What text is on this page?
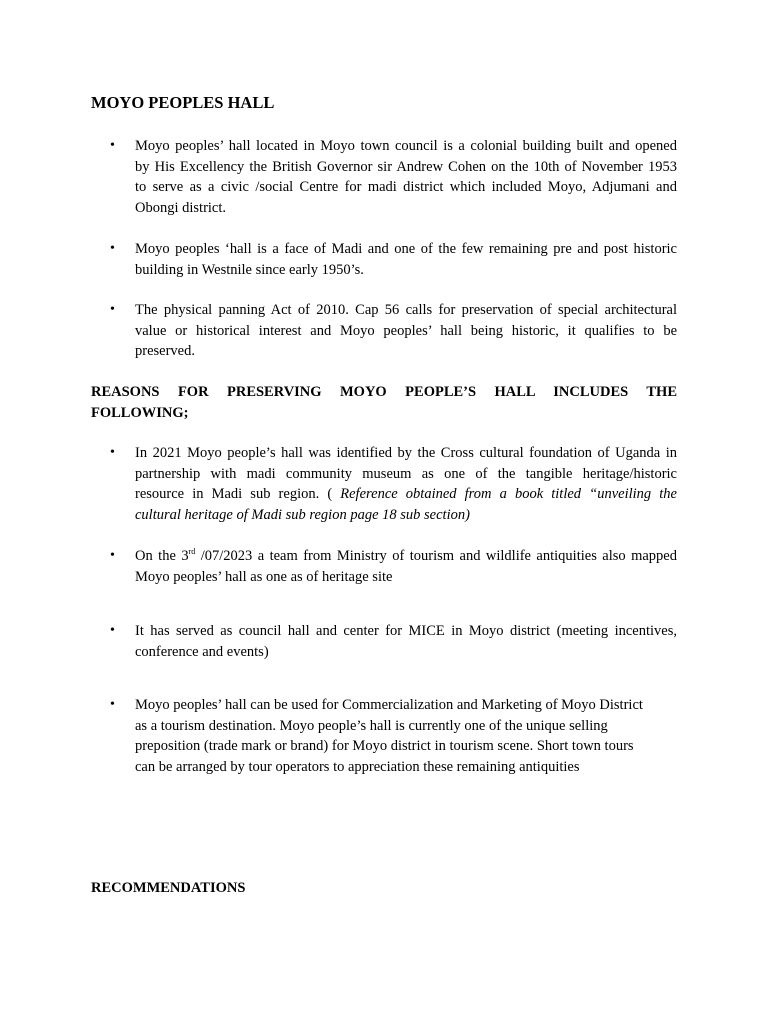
MOYO PEOPLES HALL
• Moyo peoples’ hall located in Moyo town council is a colonial building built and opened
by His Excellency the British Governor sir Andrew Cohen on the 10th of November 1953
to serve as a civic /social Centre for madi district which included Moyo, Adjumani and
Obongi district.
• Moyo peoples ‘hall is a face of Madi and one of the few remaining pre and post historic
building in Westnile since early 1950’s.
• The physical panning Act of 2010. Cap 56 calls for preservation of special architectural
value or historical interest and Moyo peoples’ hall being historic, it qualifies to be
preserved.
REASONS FOR PRESERVING MOYO PEOPLE’S HALL INCLUDES THE
FOLLOWING;
• In 2021 Moyo people’s hall was identified by the Cross cultural foundation of Uganda in
partnership with madi community museum as one of the tangible heritage/historic
resource in Madi sub region. ( Reference obtained from a book titled “unveiling the
cultural heritage of Madi sub region page 18 sub section)
• On the 3rd /07/2023 a team from Ministry of tourism and wildlife antiquities also mapped
Moyo peoples’ hall as one as of heritage site
• It has served as council hall and center for MICE in Moyo district (meeting incentives,
conference and events)
• Moyo peoples’ hall can be used for Commercialization and Marketing of Moyo District
as a tourism destination. Moyo people’s hall is currently one of the unique selling
preposition (trade mark or brand) for Moyo district in tourism scene. Short town tours
can be arranged by tour operators to appreciation these remaining antiquities
RECOMMENDATIONS
